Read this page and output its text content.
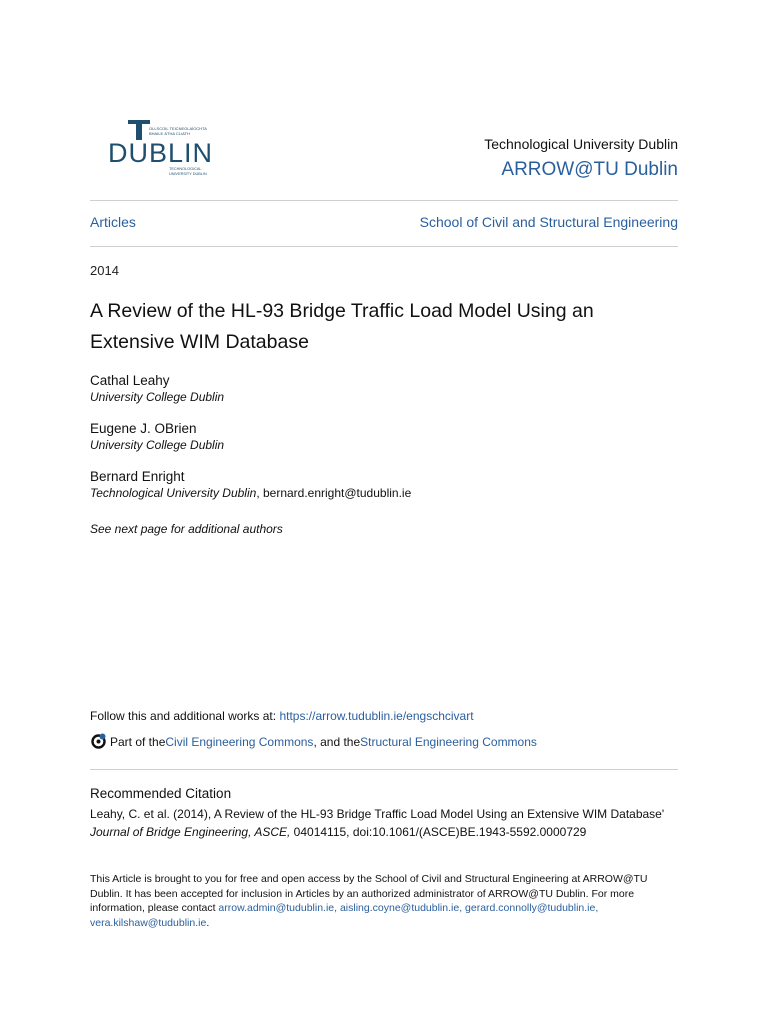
OLLSCOIL TEICNEOLAÍOCHTA
BHAILE ÁTHA CLIATH
DUBLIN
TECHNOLOGICAL
UNIVERSITY DUBLIN
Technological University Dublin
ARROW@TU Dublin
Articles	School of Civil and Structural Engineering
2014
A Review of the HL-93 Bridge Traffic Load Model Using an Extensive WIM Database
Cathal Leahy
University College Dublin
Eugene J. OBrien
University College Dublin
Bernard Enright
Technological University Dublin, bernard.enright@tudublin.ie
See next page for additional authors
Follow this and additional works at: https://arrow.tudublin.ie/engschcivart
Part of the Civil Engineering Commons , and the Structural Engineering Commons
Recommended Citation
Leahy, C. et al. (2014), A Review of the HL-93 Bridge Traffic Load Model Using an Extensive WIM Database' Journal of Bridge Engineering, ASCE, 04014115, doi:10.1061/(ASCE)BE.1943-5592.0000729
This Article is brought to you for free and open access by the School of Civil and Structural Engineering at ARROW@TU Dublin. It has been accepted for inclusion in Articles by an authorized administrator of ARROW@TU Dublin. For more information, please contact arrow.admin@tudublin.ie, aisling.coyne@tudublin.ie, gerard.connolly@tudublin.ie, vera.kilshaw@tudublin.ie.
